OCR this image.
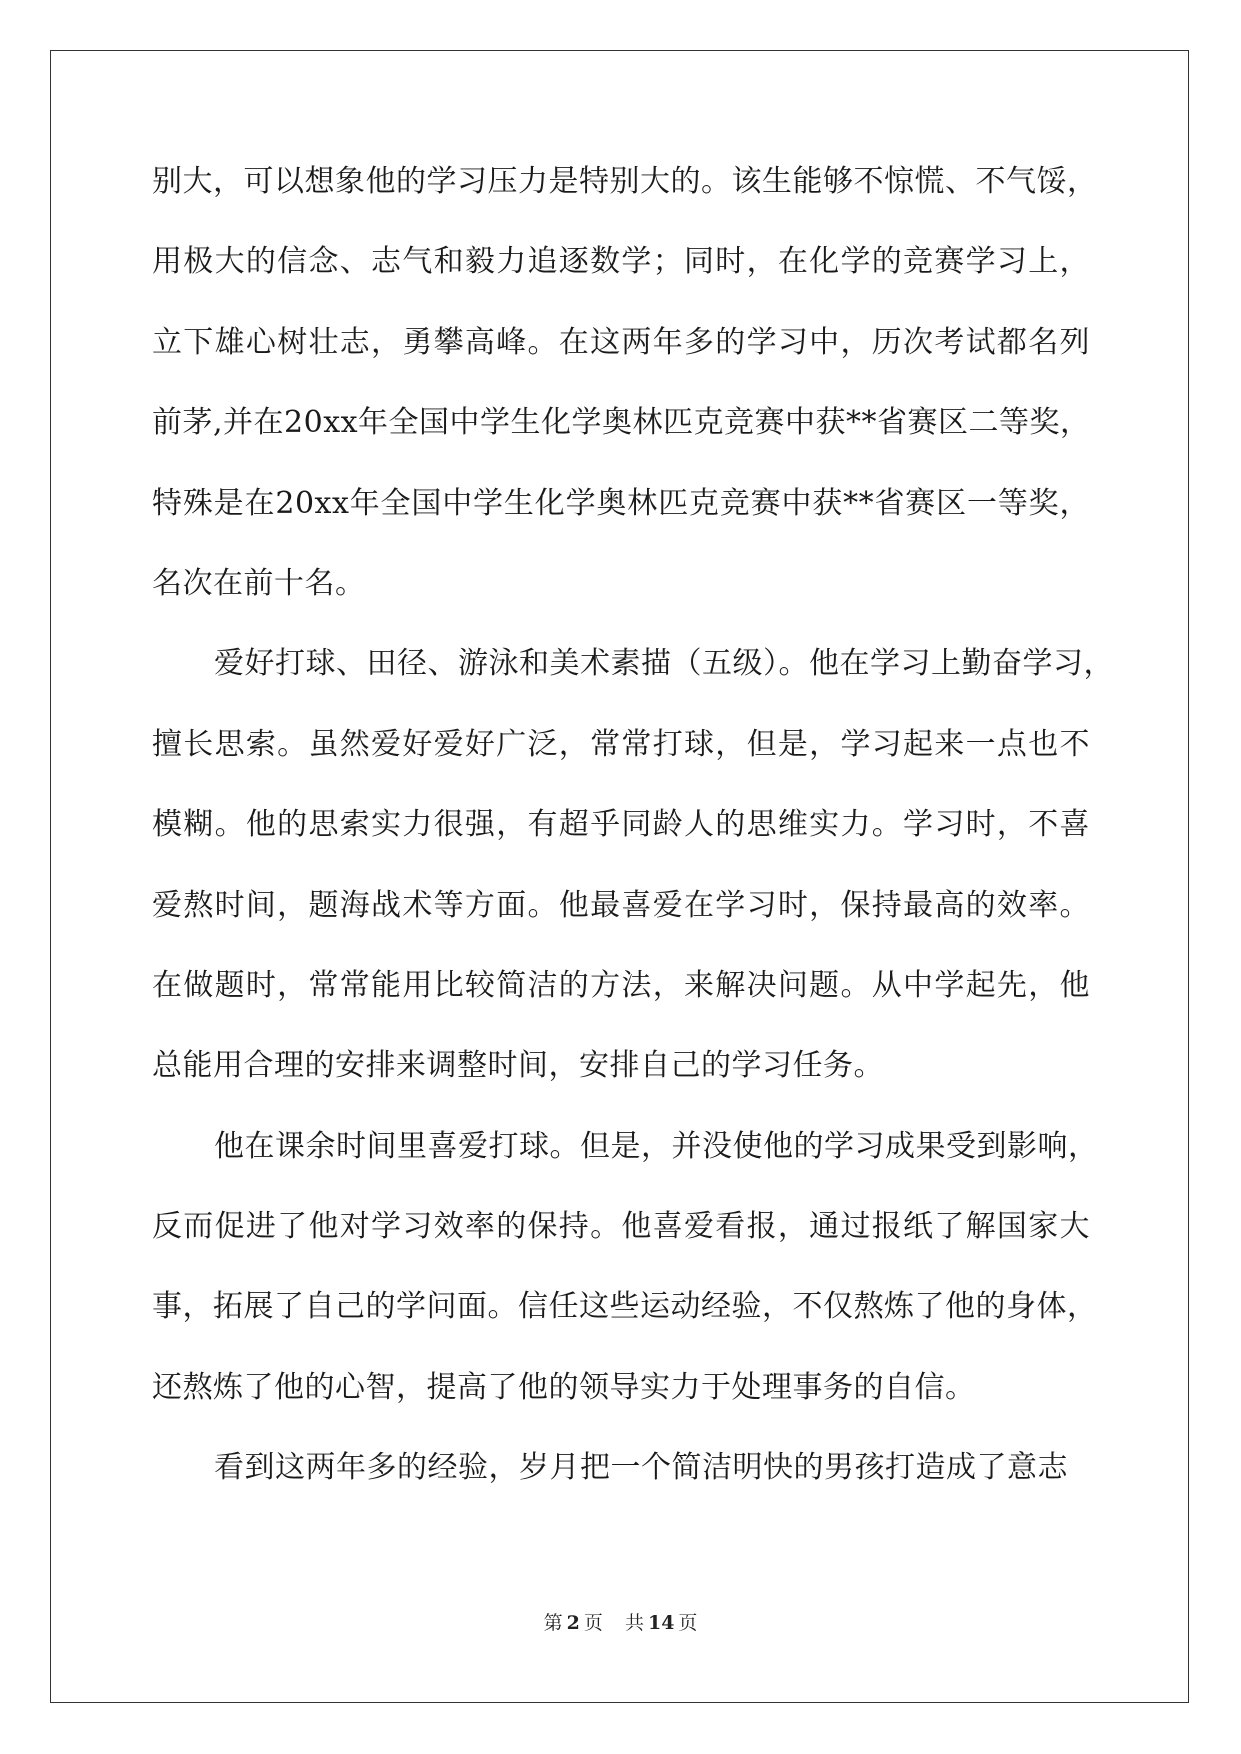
别大，可以想象他的学习压力是特别大的。该生能够不惊慌、不气馁，
用极大的信念、志气和毅力追逐数学；同时，在化学的竞赛学习上，
立下雄心树壮志，勇攀高峰。在这两年多的学习中，历次考试都名列
前茅,并在20xx年全国中学生化学奥林匹克竞赛中获**省赛区二等奖，
特殊是在20xx年全国中学生化学奥林匹克竞赛中获**省赛区一等奖，
名次在前十名。
爱好打球、田径、游泳和美术素描（五级）。他在学习上勤奋学习，
擅长思索。虽然爱好爱好广泛，常常打球，但是，学习起来一点也不
模糊。他的思索实力很强，有超乎同龄人的思维实力。学习时，不喜
爱熬时间，题海战术等方面。他最喜爱在学习时，保持最高的效率。
在做题时，常常能用比较简洁的方法，来解决问题。从中学起先，他
总能用合理的安排来调整时间，安排自己的学习任务。
他在课余时间里喜爱打球。但是，并没使他的学习成果受到影响，
反而促进了他对学习效率的保持。他喜爱看报，通过报纸了解国家大
事，拓展了自己的学问面。信任这些运动经验，不仅熬炼了他的身体，
还熬炼了他的心智，提高了他的领导实力于处理事务的自信。
看到这两年多的经验，岁月把一个简洁明快的男孩打造成了意志
第 2 页 共 14 页
